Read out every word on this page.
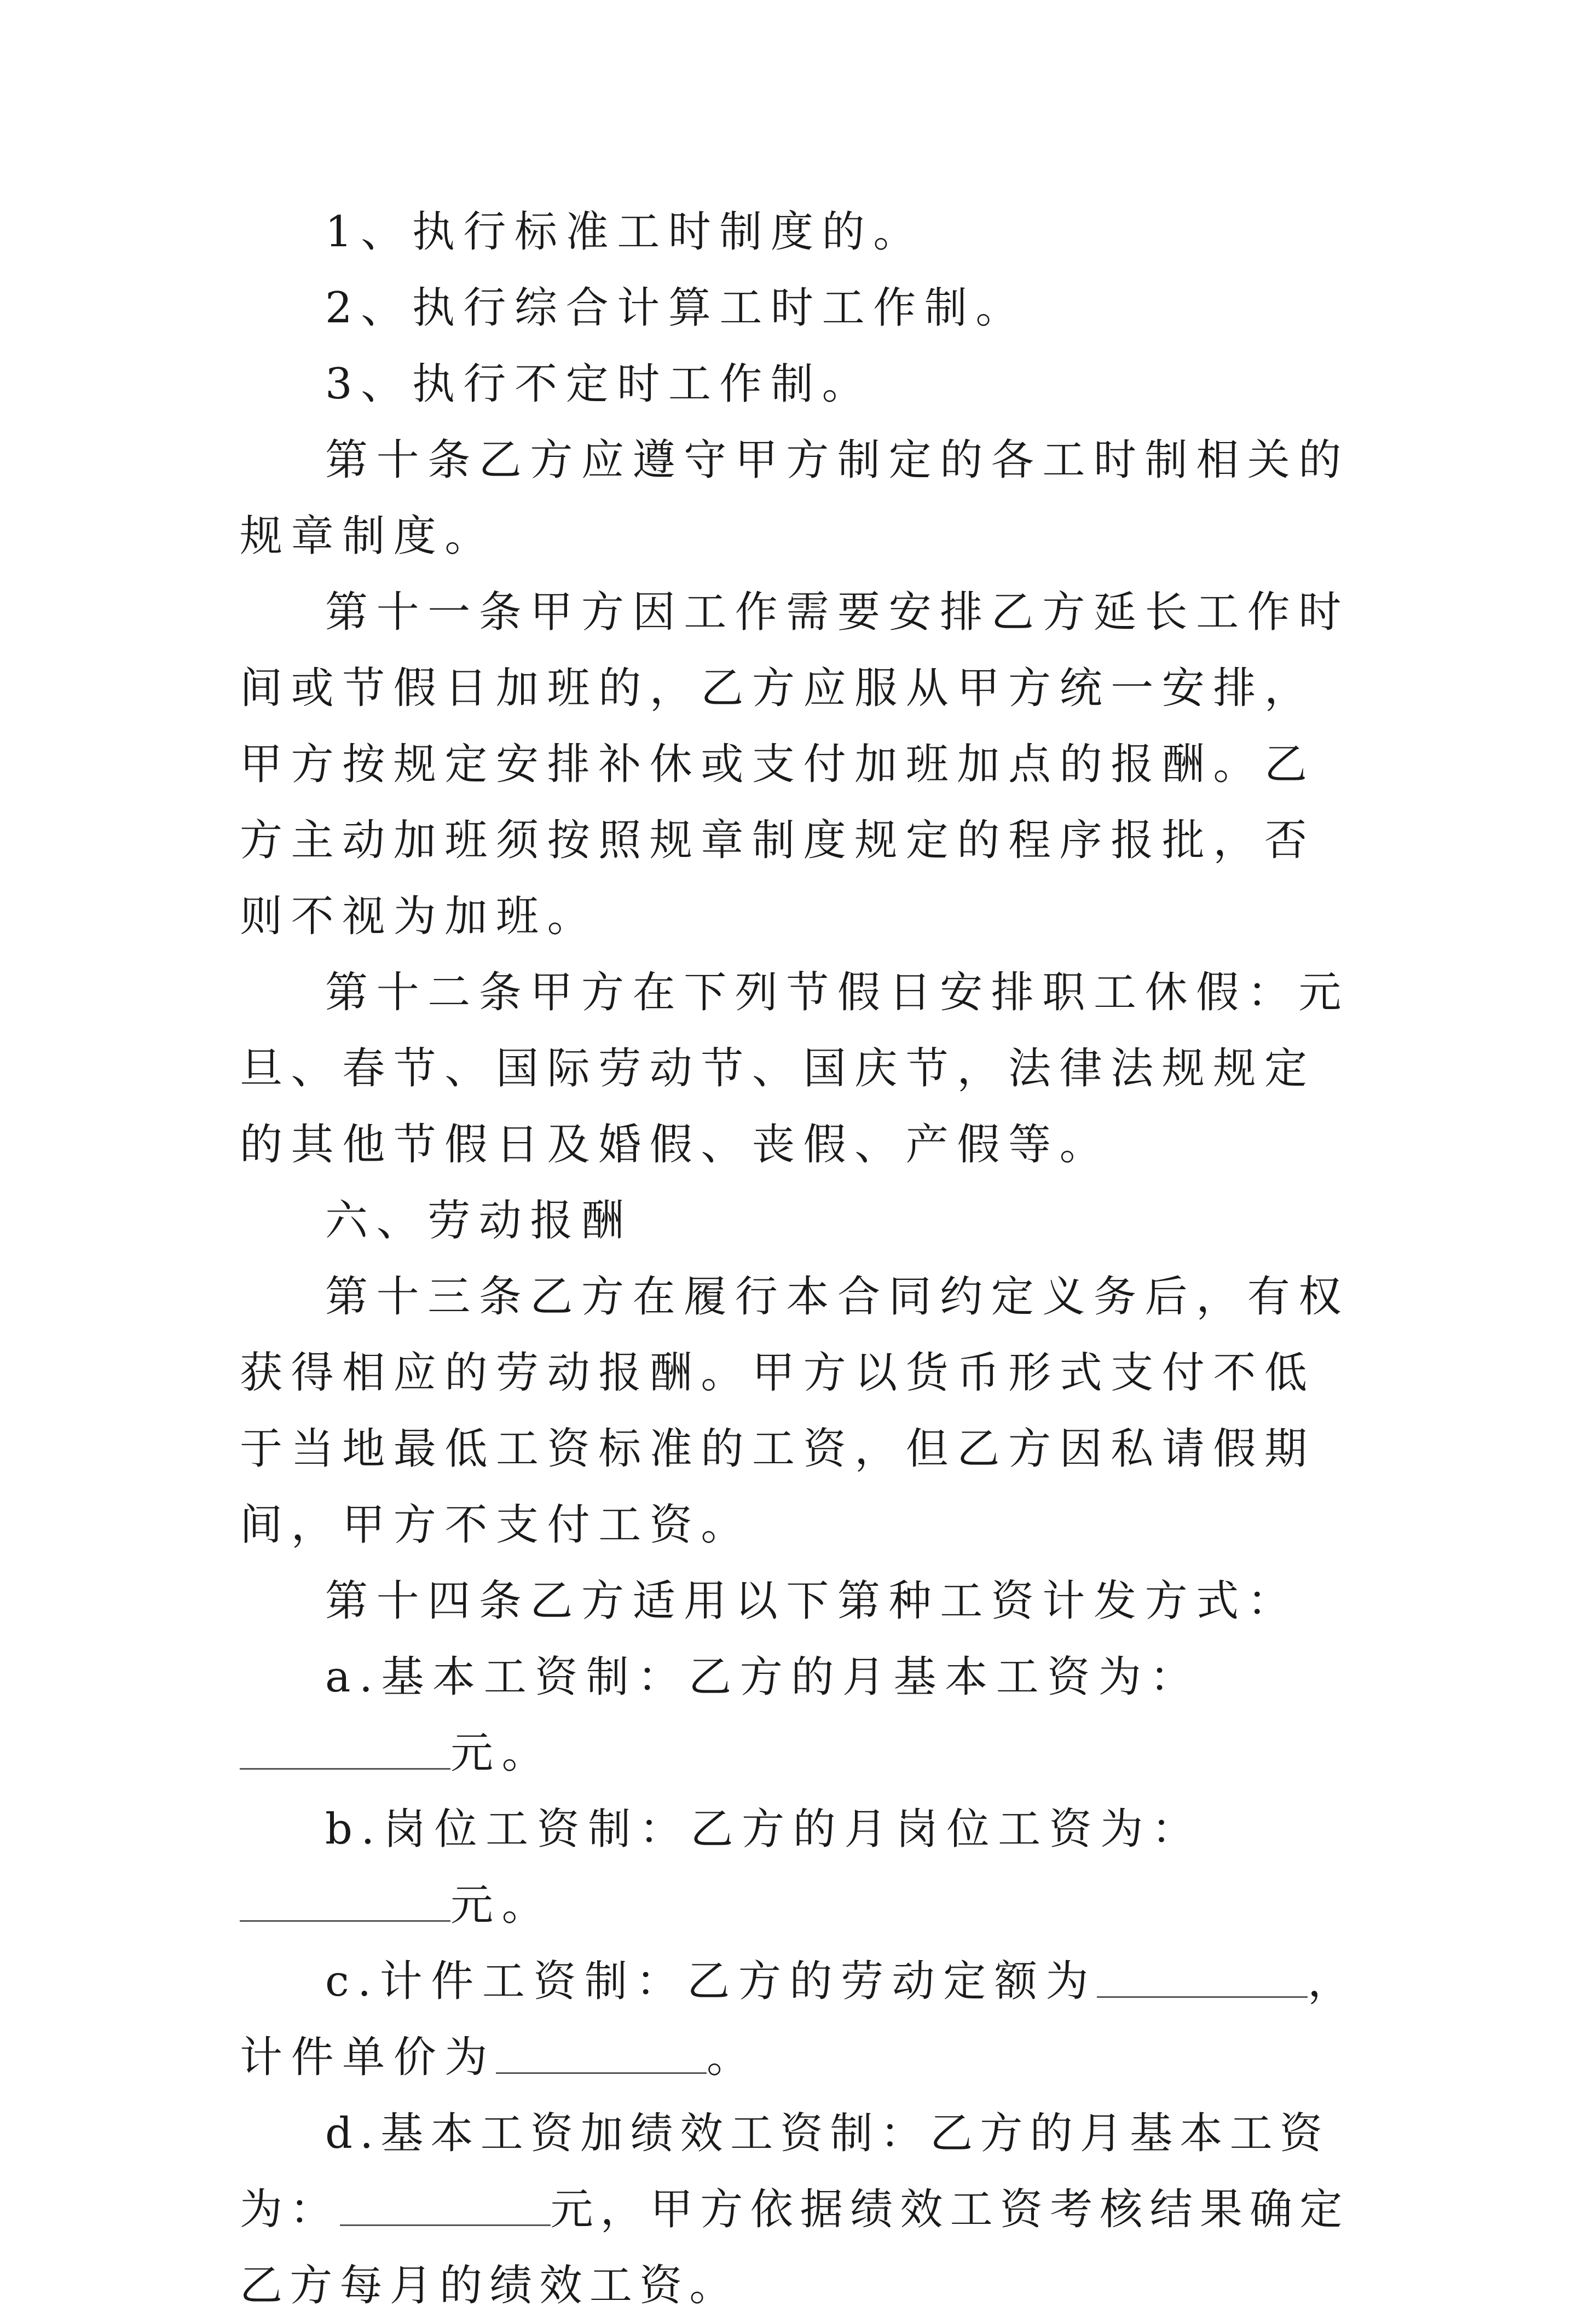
1、执行标准工时制度的。

2、执行综合计算工时工作制。

3、执行不定时工作制。

第十条乙方应遵守甲方制定的各工时制相关的规章制度。

第十一条甲方因工作需要安排乙方延长工作时间或节假日加班的，乙方应服从甲方统一安排，甲方按规定安排补休或支付加班加点的报酬。乙方主动加班须按照规章制度规定的程序报批，否则不视为加班。

第十二条甲方在下列节假日安排职工休假：元旦、春节、国际劳动节、国庆节，法律法规规定的其他节假日及婚假、丧假、产假等。

六、劳动报酬

第十三条乙方在履行本合同约定义务后，有权获得相应的劳动报酬。甲方以货币形式支付不低于当地最低工资标准的工资，但乙方因私请假期间，甲方不支付工资。

第十四条乙方适用以下第种工资计发方式：

a.基本工资制：乙方的月基本工资为：元。

b.岗位工资制：乙方的月岗位工资为：元。

c.计件工资制：乙方的劳动定额为	，计件单价为	。

d.基本工资加绩效工资制：乙方的月基本工资为：	元，甲方依据绩效工资考核结果确定乙方每月的绩效工资。
